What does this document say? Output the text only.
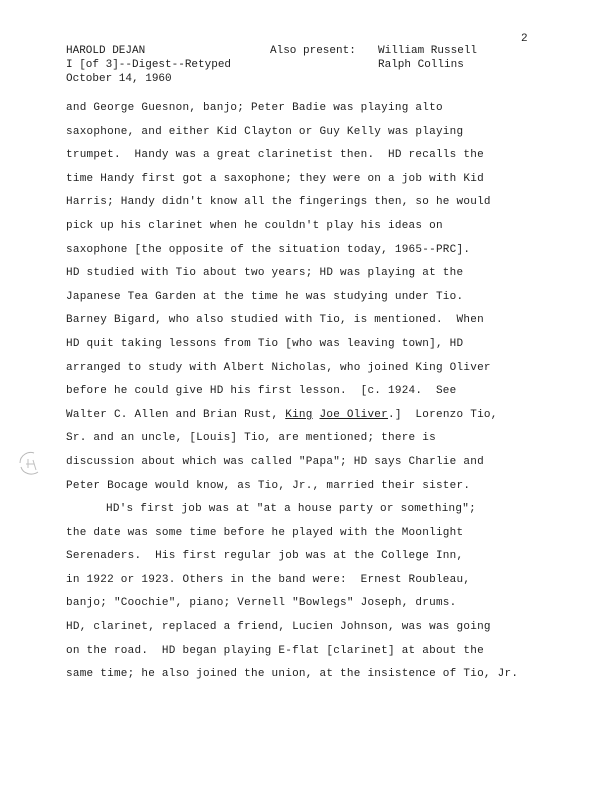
2
HAROLD DEJAN	Also present: William Russell
Ralph Collins
I [of 3]--Digest--Retyped
October 14, 1960
and George Guesnon, banjo; Peter Badie was playing alto
saxophone, and either Kid Clayton or Guy Kelly was playing
trumpet.  Handy was a great clarinetist then.  HD recalls the
time Handy first got a saxophone; they were on a job with Kid
Harris; Handy didn't know all the fingerings then, so he would
pick up his clarinet when he couldn't play his ideas on
saxophone [the opposite of the situation today, 1965--PRC].
HD studied with Tio about two years; HD was playing at the
Japanese Tea Garden at the time he was studying under Tio.
Barney Bigard, who also studied with Tio, is mentioned.  When
HD quit taking lessons from Tio [who was leaving town], HD
arranged to study with Albert Nicholas, who joined King Oliver
before he could give HD his first lesson.  [c. 1924.  See
Walter C. Allen and Brian Rust, King Joe Oliver.]  Lorenzo Tio,
Sr. and an uncle, [Louis] Tio, are mentioned; there is
discussion about which was called "Papa"; HD says Charlie and
Peter Bocage would know, as Tio, Jr., married their sister.
HD's first job was at "at a house party or something";
the date was some time before he played with the Moonlight
Serenaders.  His first regular job was at the College Inn,
in 1922 or 1923. Others in the band were:  Ernest Roubleau,
banjo; "Coochie", piano; Vernell "Bowlegs" Joseph, drums.
HD, clarinet, replaced a friend, Lucien Johnson, was was going
on the road.  HD began playing E-flat [clarinet] at about the
same time; he also joined the union, at the insistence of Tio, Jr.
